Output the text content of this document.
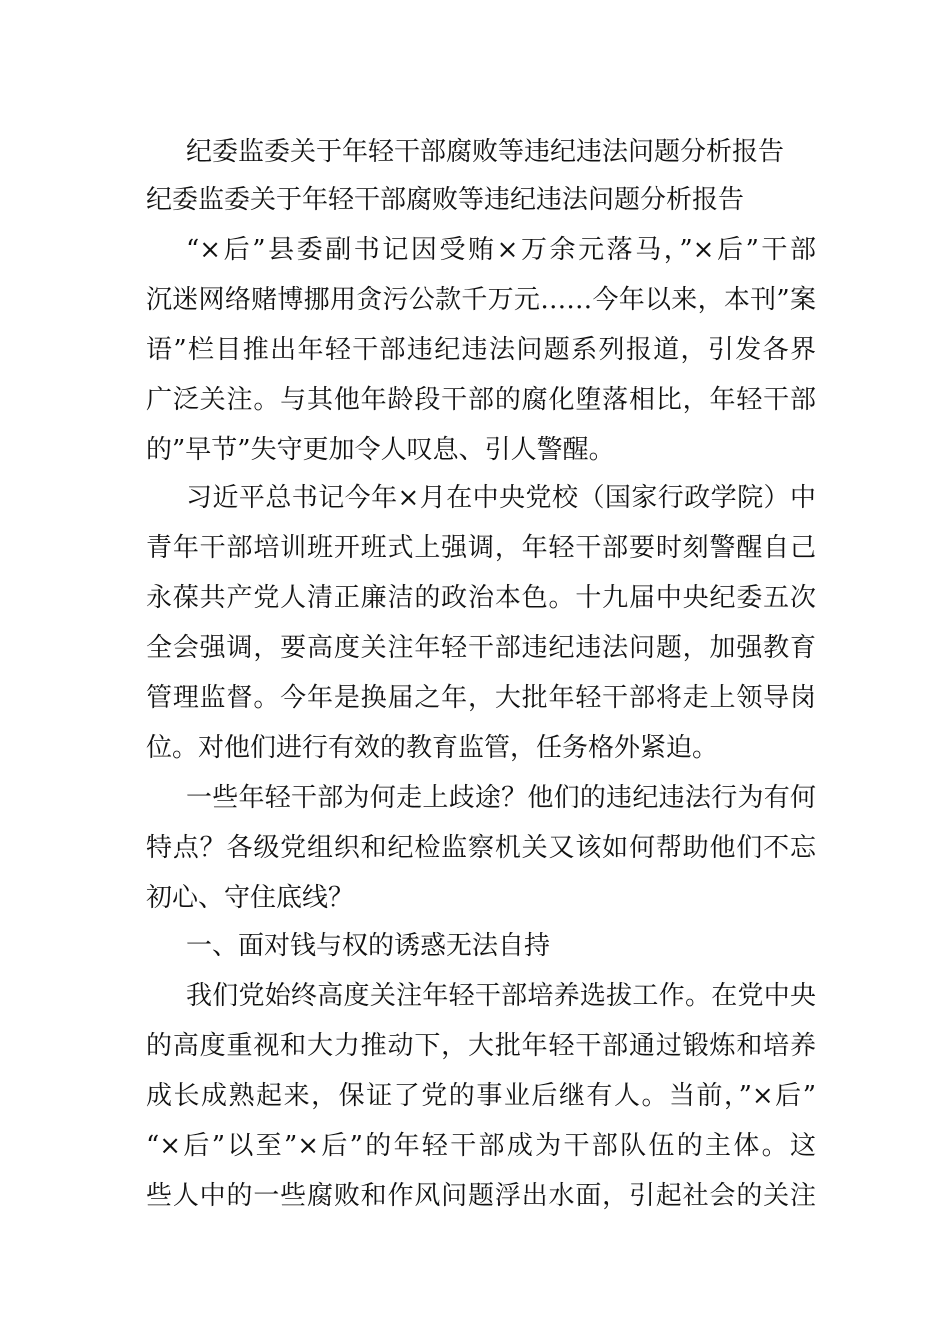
纪委监委关于年轻干部腐败等违纪违法问题分析报告
纪委监委关于年轻干部腐败等违纪违法问题分析报告
“×后”县委副书记因受贿×万余元落马，”×后”干部
沉迷网络赌博挪用贪污公款千万元……今年以来，本刊”案
语”栏目推出年轻干部违纪违法问题系列报道，引发各界
广泛关注。与其他年龄段干部的腐化堕落相比，年轻干部
的”早节”失守更加令人叹息、引人警醒。
习近平总书记今年×月在中央党校（国家行政学院）中
青年干部培训班开班式上强调，年轻干部要时刻警醒自己
永葆共产党人清正廉洁的政治本色。十九届中央纪委五次
全会强调，要高度关注年轻干部违纪违法问题，加强教育
管理监督。今年是换届之年，大批年轻干部将走上领导岗
位。对他们进行有效的教育监管，任务格外紧迫。
一些年轻干部为何走上歧途？他们的违纪违法行为有何
特点？各级党组织和纪检监察机关又该如何帮助他们不忘
初心、守住底线？
一、面对钱与权的诱惑无法自持
我们党始终高度关注年轻干部培养选拔工作。在党中央
的高度重视和大力推动下，大批年轻干部通过锻炼和培养
成长成熟起来，保证了党的事业后继有人。当前，”×后”
“×后”以至”×后”的年轻干部成为干部队伍的主体。这
些人中的一些腐败和作风问题浮出水面，引起社会的关注
